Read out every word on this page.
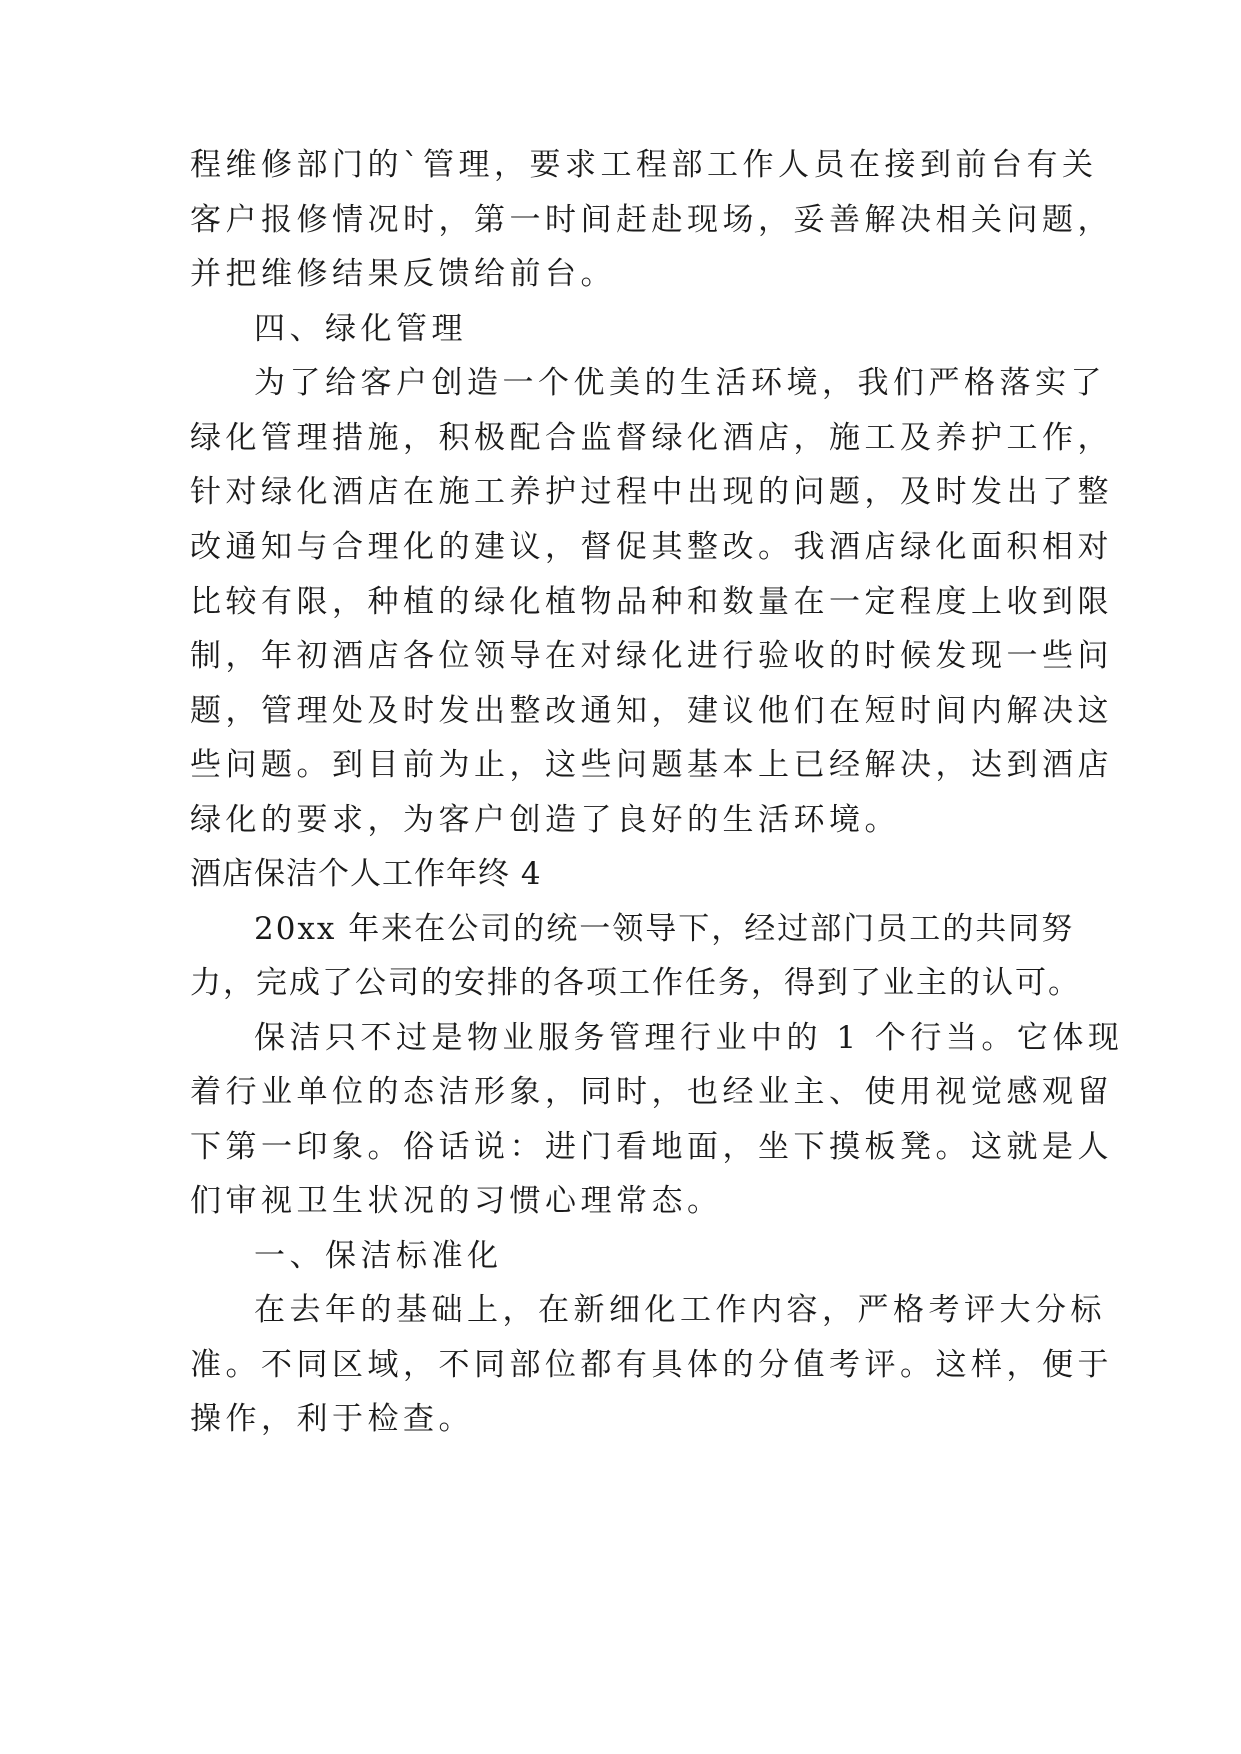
程维修部门的`管理，要求工程部工作人员在接到前台有关
客户报修情况时，第一时间赶赴现场，妥善解决相关问题，
并把维修结果反馈给前台。
四、绿化管理
为了给客户创造一个优美的生活环境，我们严格落实了
绿化管理措施，积极配合监督绿化酒店，施工及养护工作，
针对绿化酒店在施工养护过程中出现的问题，及时发出了整
改通知与合理化的建议，督促其整改。我酒店绿化面积相对
比较有限，种植的绿化植物品种和数量在一定程度上收到限
制，年初酒店各位领导在对绿化进行验收的时候发现一些问
题，管理处及时发出整改通知，建议他们在短时间内解决这
些问题。到目前为止，这些问题基本上已经解决，达到酒店
绿化的要求，为客户创造了良好的生活环境。
酒店保洁个人工作年终 4
20xx 年来在公司的统一领导下，经过部门员工的共同努
力，完成了公司的安排的各项工作任务，得到了业主的认可。
保洁只不过是物业服务管理行业中的 1 个行当。它体现
着行业单位的态洁形象，同时，也经业主、使用视觉感观留
下第一印象。俗话说：进门看地面，坐下摸板凳。这就是人
们审视卫生状况的习惯心理常态。
一、保洁标准化
在去年的基础上，在新细化工作内容，严格考评大分标
准。不同区域，不同部位都有具体的分值考评。这样，便于
操作，利于检查。
